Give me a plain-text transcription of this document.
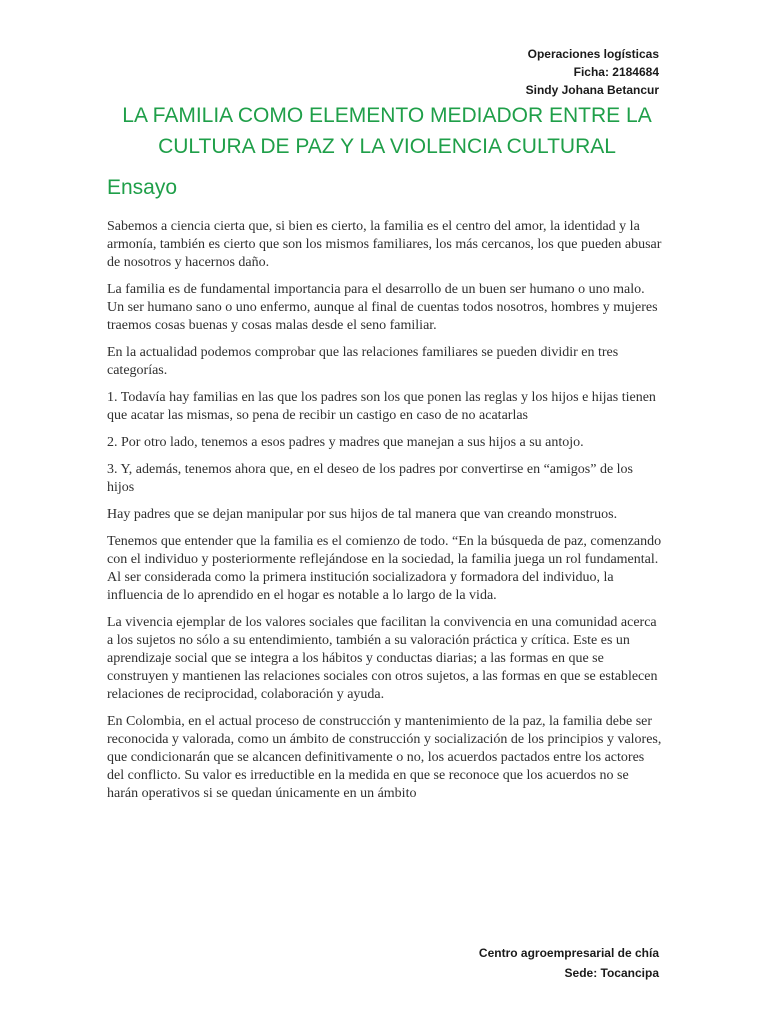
Operaciones logísticas
Ficha: 2184684
Sindy Johana Betancur
LA FAMILIA COMO ELEMENTO MEDIADOR ENTRE LA
CULTURA DE PAZ Y LA VIOLENCIA CULTURAL
Ensayo

Sabemos a ciencia cierta que, si bien es cierto, la familia es el centro del amor, la identidad y la armonía, también es cierto que son los mismos familiares, los más cercanos, los que pueden abusar de nosotros y hacernos daño.

La familia es de fundamental importancia para el desarrollo de un buen ser humano o uno malo. Un ser humano sano o uno enfermo, aunque al final de cuentas todos nosotros, hombres y mujeres traemos cosas buenas y cosas malas desde el seno familiar.

En la actualidad podemos comprobar que las relaciones familiares se pueden dividir en tres categorías.

1. Todavía hay familias en las que los padres son los que ponen las reglas y los hijos e hijas tienen que acatar las mismas, so pena de recibir un castigo en caso de no acatarlas

2. Por otro lado, tenemos a esos padres y madres que manejan a sus hijos a su antojo.

3. Y, además, tenemos ahora que, en el deseo de los padres por convertirse en “amigos” de los hijos

Hay padres que se dejan manipular por sus hijos de tal manera que van creando monstruos.

Tenemos que entender que la familia es el comienzo de todo. “En la búsqueda de paz, comenzando con el individuo y posteriormente reflejándose en la sociedad, la familia juega un rol fundamental. Al ser considerada como la primera institución socializadora y formadora del individuo, la influencia de lo aprendido en el hogar es notable a lo largo de la vida.

La vivencia ejemplar de los valores sociales que facilitan la convivencia en una comunidad acerca a los sujetos no sólo a su entendimiento, también a su valoración práctica y crítica. Este es un aprendizaje social que se integra a los hábitos y conductas diarias; a las formas en que se construyen y mantienen las relaciones sociales con otros sujetos, a las formas en que se establecen relaciones de reciprocidad, colaboración y ayuda.

En Colombia, en el actual proceso de construcción y mantenimiento de la paz, la familia debe ser reconocida y valorada, como un ámbito de construcción y socialización de los principios y valores, que condicionarán que se alcancen definitivamente o no, los acuerdos pactados entre los actores del conflicto. Su valor es irreductible en la medida en que se reconoce que los acuerdos no se harán operativos si se quedan únicamente en un ámbito

Centro agroempresarial de chía
Sede: Tocancipa
